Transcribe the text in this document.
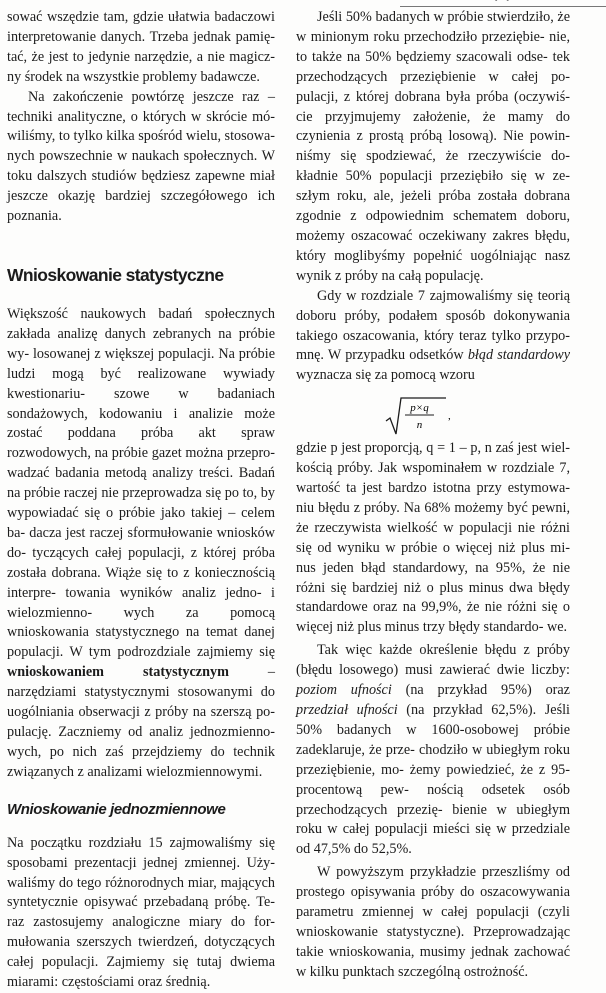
sować wszędzie tam, gdzie ułatwia badaczowi interpretowanie danych. Trzeba jednak pamię- tać, że jest to jedynie narzędzie, a nie magicz- ny środek na wszystkie problemy badawcze.

Na zakończenie powtórzę jeszcze raz – techniki analityczne, o których w skrócie mó- wiliśmy, to tylko kilka spośród wielu, stosowa- nych powszechnie w naukach społecznych. W toku dalszych studiów będziesz zapewne miał jeszcze okazję bardziej szczegółowego ich poznania.

Wnioskowanie statystyczne

Większość naukowych badań społecznych zakłada analizę danych zebranych na próbie wy- losowanej z większej populacji. Na próbie ludzi mogą być realizowane wywiady kwestionariu- szowe w badaniach sondażowych, kodowaniu i analizie może zostać poddana próba akt spraw rozwodowych, na próbie gazet można przepro- wadzać badania metodą analizy treści. Badań na próbie raczej nie przeprowadza się po to, by wypowiadać się o próbie jako takiej – celem ba- dacza jest raczej sformułowanie wniosków do- tyczących całej populacji, z której próba została dobrana. Wiąże się to z koniecznością interpre- towania wyników analiz jedno- i wielozmienno- wych za pomocą wnioskowania statystycznego na temat danej populacji. W tym podrozdziale zajmiemy się wnioskowaniem statystycznym – narzędziami statystycznymi stosowanymi do uogólniania obserwacji z próby na szerszą po- pulację. Zaczniemy od analiz jednozmienno- wych, po nich zaś przejdziemy do technik związanych z analizami wielozmiennowymi.

Wnioskowanie jednozmiennowe

Na początku rozdziału 15 zajmowaliśmy się sposobami prezentacji jednej zmiennej. Uży- waliśmy do tego różnorodnych miar, mających syntetycznie opisywać przebadaną próbę. Te- raz zastosujemy analogiczne miary do for- mułowania szerszych twierdzeń, dotyczących całej populacji. Zajmiemy się tutaj dwiema miarami: częstościami oraz średnią.

Jeśli 50% badanych w próbie stwierdziło, że w minionym roku przechodziło przeziębie- nie, to także na 50% będziemy szacowali odse- tek przechodzących przeziębienie w całej po- pulacji, z której dobrana była próba (oczywiś- cie przyjmujemy założenie, że mamy do czynienia z prostą próbą losową). Nie powin- niśmy się spodziewać, że rzeczywiście do- kładnie 50% populacji przeziębiło się w ze- szłym roku, ale, jeżeli próba została dobrana zgodnie z odpowiednim schematem doboru, możemy oszacować oczekiwany zakres błędu, który moglibyśmy popełnić uogólniając nasz wynik z próby na całą populację.

Gdy w rozdziale 7 zajmowaliśmy się teorią doboru próby, podałem sposób dokonywania takiego oszacowania, który teraz tylko przypo- mnę. W przypadku odsetków błąd standardowy wyznacza się za pomocą wzoru

p×q
n
,

gdzie p jest proporcją, q = 1 – p, n zaś jest wiel- kością próby. Jak wspominałem w rozdziale 7, wartość ta jest bardzo istotna przy estymowa- niu błędu z próby. Na 68% możemy być pewni, że rzeczywista wielkość w populacji nie różni się od wyniku w próbie o więcej niż plus mi- nus jeden błąd standardowy, na 95%, że nie różni się bardziej niż o plus minus dwa błędy standardowe oraz na 99,9%, że nie różni się o więcej niż plus minus trzy błędy standardo- we.

Tak więc każde określenie błędu z próby (błędu losowego) musi zawierać dwie liczby: poziom ufności (na przykład 95%) oraz przedział ufności (na przykład 62,5%). Jeśli 50% badanych w 1600-osobowej próbie zadeklaruje, że prze- chodziło w ubiegłym roku przeziębienie, mo- żemy powiedzieć, że z 95-procentową pew- nością odsetek osób przechodzących przezię- bienie w ubiegłym roku w całej populacji mieści się w przedziale od 47,5% do 52,5%.

W powyższym przykładzie przeszliśmy od prostego opisywania próby do oszacowywania parametru zmiennej w całej populacji (czyli wnioskowanie statystyczne). Przeprowadzając takie wnioskowania, musimy jednak zachować w kilku punktach szczególną ostrożność.
